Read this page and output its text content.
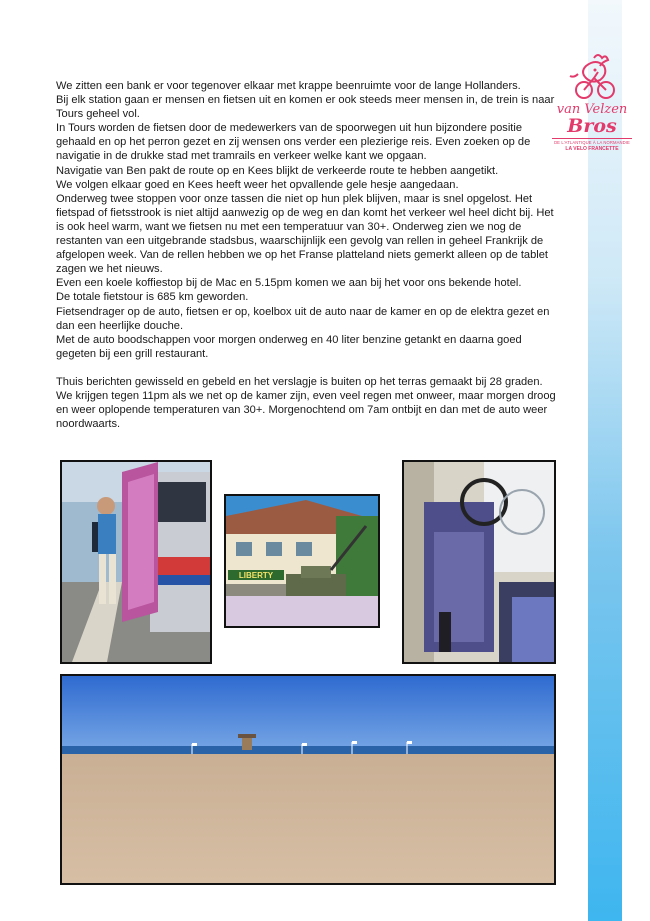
van Velzen
Bros
DE L'ATLANTIQUE À LA NORMANDIE
LA VELO FRANCETTE

We zitten een bank er voor tegenover elkaar met krappe beenruimte voor de lange Hollanders.

Bij elk station gaan er mensen en fietsen uit en komen er ook steeds meer mensen in, de trein is naar Tours geheel vol.

In Tours worden de fietsen door de medewerkers van de spoorwegen uit hun bijzondere positie gehaald en op het perron gezet en zij wensen ons verder een plezierige reis. Even zoeken op de navigatie in de drukke stad met tramrails en verkeer welke kant we opgaan.

Navigatie van Ben pakt de route op en Kees blijkt de verkeerde route te hebben aangetikt.

We volgen elkaar goed en Kees heeft weer het opvallende gele hesje aangedaan.

Onderweg twee stoppen voor onze tassen die niet op hun plek blijven, maar is snel opgelost. Het fietspad of fietsstrook is niet altijd aanwezig op de weg en dan komt het verkeer wel heel dicht bij. Het is ook heel warm, want we fietsen nu met een temperatuur van 30+. Onderweg zien we nog de restanten van een uitgebrande stadsbus, waarschijnlijk een gevolg van rellen in geheel Frankrijk de afgelopen week. Van de rellen hebben we op het Franse platteland niets gemerkt alleen op de tablet zagen we het nieuws.

Even een koele koffiestop bij de Mac en 5.15pm komen we aan bij het voor ons bekende hotel.

De totale fietstour is 685 km geworden.

Fietsendrager op de auto, fietsen er op, koelbox uit de auto naar de kamer en op de elektra gezet en dan een heerlijke douche.

Met de auto boodschappen voor morgen onderweg en 40 liter benzine getankt en daarna goed gegeten bij een grill restaurant.

Thuis berichten gewisseld en gebeld en het verslagje is buiten op het terras gemaakt bij 28 graden.

We krijgen tegen 11pm als we net op de kamer zijn, even veel regen met onweer, maar morgen droog en weer oplopende temperaturen van 30+. Morgenochtend om 7am ontbijt en dan met de auto weer noordwaarts.

LIBERTY
